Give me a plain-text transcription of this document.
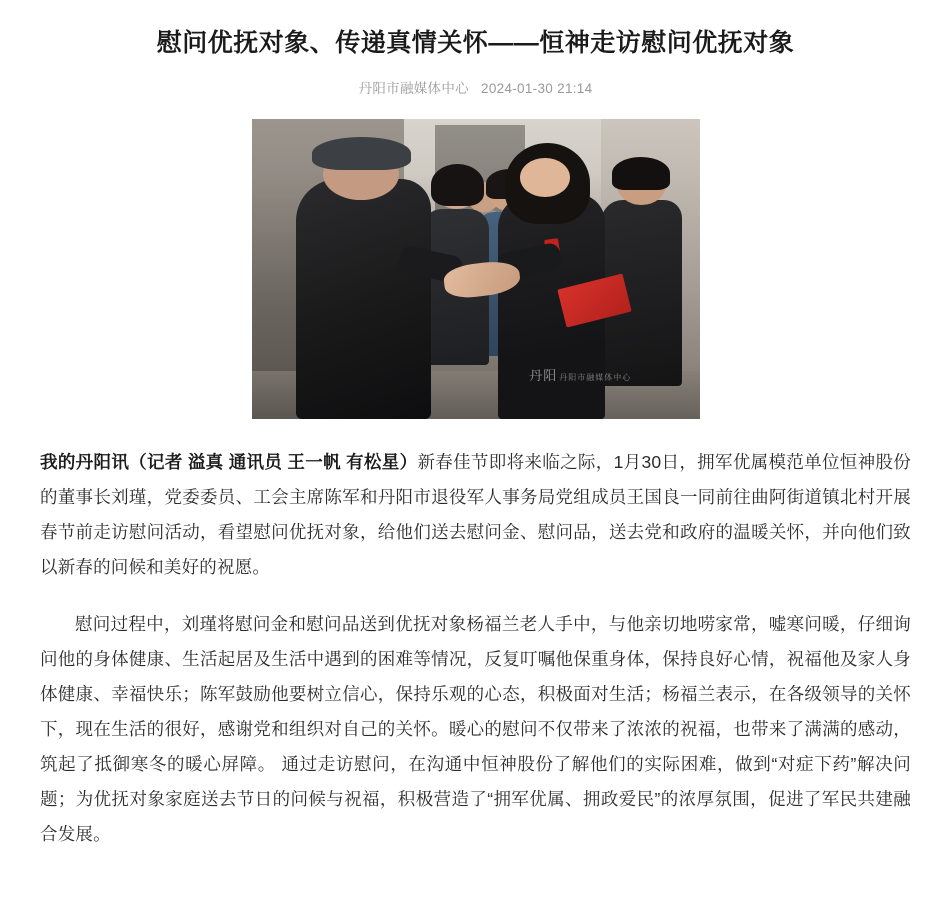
慰问优抚对象、传递真情关怀——恒神走访慰问优抚对象
丹阳市融媒体中心 2024-01-30 21:14
丹阳 丹阳市融媒体中心

我的丹阳讯（记者 溢真 通讯员 王一帆 有松星）新春佳节即将来临之际，1月30日，拥军优属模范单位恒神股份的董事长刘瑾，党委委员、工会主席陈军和丹阳市退役军人事务局党组成员王国良一同前往曲阿街道镇北村开展春节前走访慰问活动，看望慰问优抚对象，给他们送去慰问金、慰问品，送去党和政府的温暖关怀，并向他们致以新春的问候和美好的祝愿。

慰问过程中，刘瑾将慰问金和慰问品送到优抚对象杨福兰老人手中，与他亲切地唠家常，嘘寒问暖，仔细询问他的身体健康、生活起居及生活中遇到的困难等情况，反复叮嘱他保重身体，保持良好心情，祝福他及家人身体健康、幸福快乐；陈军鼓励他要树立信心，保持乐观的心态，积极面对生活；杨福兰表示，在各级领导的关怀下，现在生活的很好，感谢党和组织对自己的关怀。暖心的慰问不仅带来了浓浓的祝福，也带来了满满的感动，筑起了抵御寒冬的暖心屏障。 通过走访慰问，在沟通中恒神股份了解他们的实际困难，做到“对症下药”解决问题；为优抚对象家庭送去节日的问候与祝福，积极营造了“拥军优属、拥政爱民”的浓厚氛围，促进了军民共建融合发展。
